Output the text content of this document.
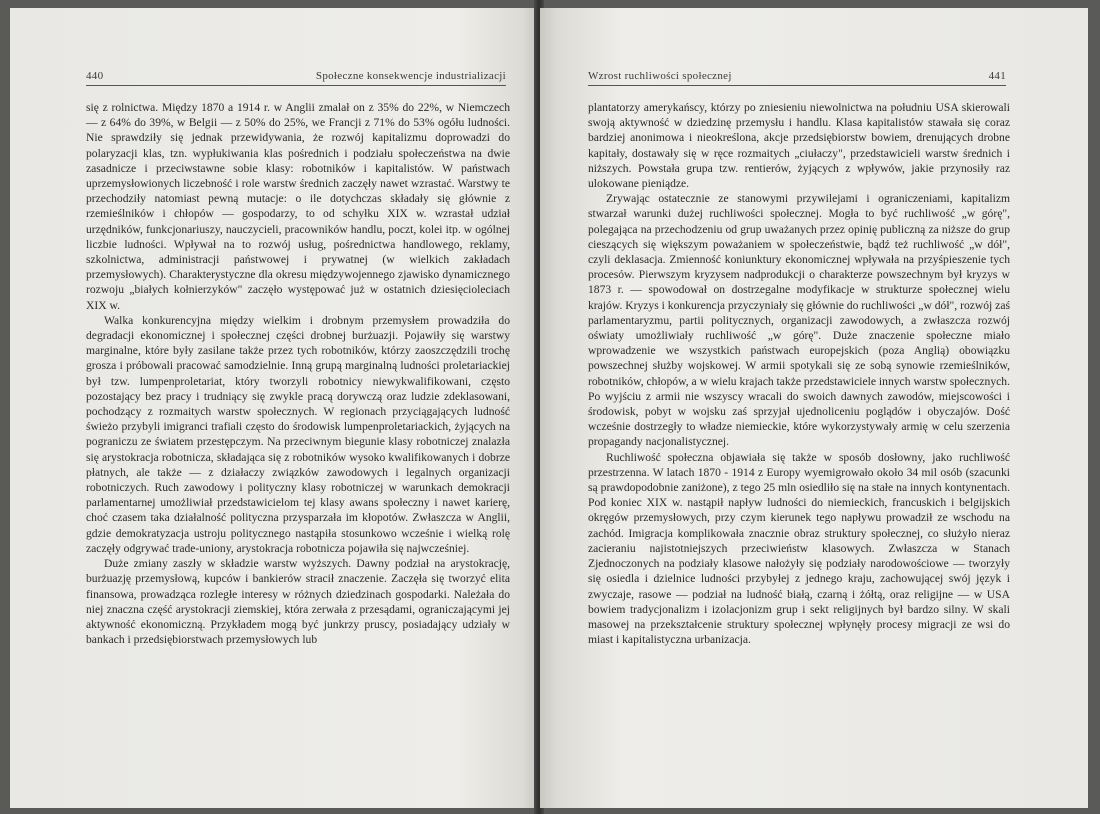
440	Społeczne konsekwencje industrializacji

się z rolnictwa. Między 1870 a 1914 r. w Anglii zmalał on z 35% do 22%, w Niemczech — z 64% do 39%, w Belgii — z 50% do 25%, we Francji z 71% do 53% ogółu ludności. Nie sprawdziły się jednak przewidywania, że rozwój kapitalizmu doprowadzi do polaryzacji klas, tzn. wypłukiwania klas pośrednich i podziału społeczeństwa na dwie zasadnicze i przeciwstawne sobie klasy: robotników i kapitalistów. W państwach uprzemysłowionych liczebność i role warstw średnich zaczęły nawet wzrastać. Warstwy te przechodziły natomiast pewną mutacje: o ile dotychczas składały się głównie z rzemieślników i chłopów — gospodarzy, to od schyłku XIX w. wzrastał udział urzędników, funkcjonariuszy, nauczycieli, pracowników handlu, poczt, kolei itp. w ogólnej liczbie ludności. Wpływał na to rozwój usług, pośrednictwa handlowego, reklamy, szkolnictwa, administracji państwowej i prywatnej (w wielkich zakładach przemysłowych). Charakterystyczne dla okresu międzywojennego zjawisko dynamicznego rozwoju „białych kołnierzyków" zaczęło występować już w ostatnich dziesięcioleciach XIX w.

Walka konkurencyjna między wielkim i drobnym przemysłem prowadziła do degradacji ekonomicznej i społecznej części drobnej burżuazji. Pojawiły się warstwy marginalne, które były zasilane także przez tych robotników, którzy zaoszczędzili trochę grosza i próbowali pracować samodzielnie. Inną grupą marginalną ludności proletariackiej był tzw. lumpenproletariat, który tworzyli robotnicy niewykwalifikowani, często pozostający bez pracy i trudniący się zwykle pracą dorywczą oraz ludzie zdeklasowani, pochodzący z rozmaitych warstw społecznych. W regionach przyciągających ludność świeżo przybyli imigranci trafiali często do środowisk lumpenproletariackich, żyjących na pograniczu ze światem przestępczym. Na przeciwnym biegunie klasy robotniczej znalazła się arystokracja robotnicza, składająca się z robotników wysoko kwalifikowanych i dobrze płatnych, ale także — z działaczy związków zawodowych i legalnych organizacji robotniczych. Ruch zawodowy i polityczny klasy robotniczej w warunkach demokracji parlamentarnej umożliwiał przedstawicielom tej klasy awans społeczny i nawet karierę, choć czasem taka działalność polityczna przysparzała im kłopotów. Zwłaszcza w Anglii, gdzie demokratyzacja ustroju politycznego nastąpiła stosunkowo wcześnie i wielką rolę zaczęły odgrywać trade-uniony, arystokracja robotnicza pojawiła się najwcześniej.

Duże zmiany zaszły w składzie warstw wyższych. Dawny podział na arystokrację, burżuazję przemysłową, kupców i bankierów stracił znaczenie. Zaczęła się tworzyć elita finansowa, prowadząca rozległe interesy w różnych dziedzinach gospodarki. Należała do niej znaczna część arystokracji ziemskiej, która zerwała z przesądami, ograniczającymi jej aktywność ekonomiczną. Przykładem mogą być junkrzy pruscy, posiadający udziały w bankach i przedsiębiorstwach przemysłowych lub

Wzrost ruchliwości społecznej	441

plantatorzy amerykańscy, którzy po zniesieniu niewolnictwa na południu USA skierowali swoją aktywność w dziedzinę przemysłu i handlu. Klasa kapitalistów stawała się coraz bardziej anonimowa i nieokreślona, akcje przedsiębiorstw bowiem, drenujących drobne kapitały, dostawały się w ręce rozmaitych „ciułaczy", przedstawicieli warstw średnich i niższych. Powstała grupa tzw. rentierów, żyjących z wpływów, jakie przynosiły raz ulokowane pieniądze.

Zrywając ostatecznie ze stanowymi przywilejami i ograniczeniami, kapitalizm stwarzał warunki dużej ruchliwości społecznej. Mogła to być ruchliwość „w górę", polegająca na przechodzeniu od grup uważanych przez opinię publiczną za niższe do grup cieszących się większym poważaniem w społeczeństwie, bądź też ruchliwość „w dół", czyli deklasacja. Zmienność koniunktury ekonomicznej wpływała na przyśpieszenie tych procesów. Pierwszym kryzysem nadprodukcji o charakterze powszechnym był kryzys w 1873 r. — spowodował on dostrzegalne modyfikacje w strukturze społecznej wielu krajów. Kryzys i konkurencja przyczyniały się głównie do ruchliwości „w dół", rozwój zaś parlamentaryzmu, partii politycznych, organizacji zawodowych, a zwłaszcza rozwój oświaty umożliwiały ruchliwość „w górę". Duże znaczenie społeczne miało wprowadzenie we wszystkich państwach europejskich (poza Anglią) obowiązku powszechnej służby wojskowej. W armii spotykali się ze sobą synowie rzemieślników, robotników, chłopów, a w wielu krajach także przedstawiciele innych warstw społecznych. Po wyjściu z armii nie wszyscy wracali do swoich dawnych zawodów, miejscowości i środowisk, pobyt w wojsku zaś sprzyjał ujednoliceniu poglądów i obyczajów. Dość wcześnie dostrzegły to władze niemieckie, które wykorzystywały armię w celu szerzenia propagandy nacjonalistycznej.

Ruchliwość społeczna objawiała się także w sposób dosłowny, jako ruchliwość przestrzenna. W latach 1870 - 1914 z Europy wyemigrowało około 34 mil osób (szacunki są prawdopodobnie zaniżone), z tego 25 mln osiedliło się na stałe na innych kontynentach. Pod koniec XIX w. nastąpił napływ ludności do niemieckich, francuskich i belgijskich okręgów przemysłowych, przy czym kierunek tego napływu prowadził ze wschodu na zachód. Imigracja komplikowała znacznie obraz struktury społecznej, co służyło nieraz zacieraniu najistotniejszych przeciwieństw klasowych. Zwłaszcza w Stanach Zjednoczonych na podziały klasowe nałożyły się podziały narodowościowe — tworzyły się osiedla i dzielnice ludności przybyłej z jednego kraju, zachowującej swój język i zwyczaje, rasowe — podział na ludność białą, czarną i żółtą, oraz religijne — w USA bowiem tradycjonalizm i izolacjonizm grup i sekt religijnych był bardzo silny. W skali masowej na przekształcenie struktury społecznej wpłynęły procesy migracji ze wsi do miast i kapitalistyczna urbanizacja.
